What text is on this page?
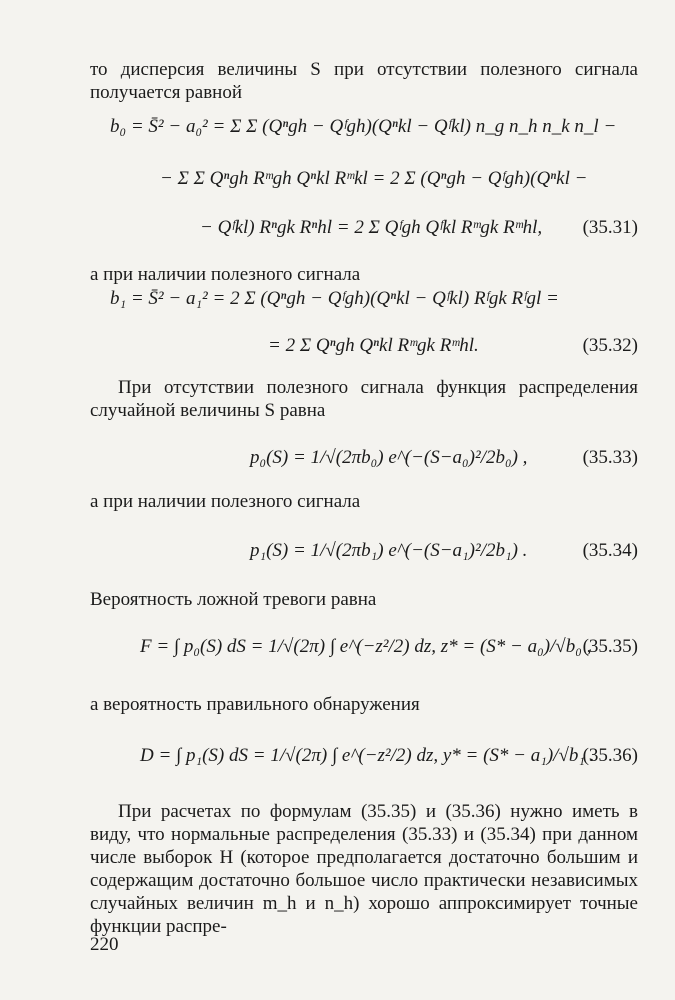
то дисперсия величины S при отсутствии полезного сигнала получается равной

b₀ = S̄² − a₀² = Σ Σ (Qⁿgh − Qᶠgh)(Qⁿkl − Qᶠkl) n_g n_h n_k n_l −
− Σ Σ Qⁿgh Rᵐgh Qⁿkl Rᵐkl = 2 Σ (Qⁿgh − Qᶠgh)(Qⁿkl −
− Qᶠkl) Rⁿgk Rⁿhl = 2 Σ Qᶠgh Qᶠkl Rᵐgk Rᵐhl, (35.31)

а при наличии полезного сигнала

b₁ = S̄² − a₁² = 2 Σ (Qⁿgh − Qᶠgh)(Qⁿkl − Qᶠkl) Rᶠgk Rᶠgl =
= 2 Σ Qⁿgh Qⁿkl Rᵐgk Rᵐhl.	(35.32)

При отсутствии полезного сигнала функция распределения случайной величины S равна

p₀(S) = 1/√(2πb₀) e^(−(S−a₀)²/2b₀) ,	(35.33)

а при наличии полезного сигнала

p₁(S) = 1/√(2πb₁) e^(−(S−a₁)²/2b₁) .	(35.34)

Вероятность ложной тревоги равна

F = ∫ p₀(S) dS = 1/√(2π) ∫ e^(−z²/2) dz, z* = (S* − a₀)/√b₀ ,
(35.35)

а вероятность правильного обнаружения

D = ∫ p₁(S) dS = 1/√(2π) ∫ e^(−z²/2) dz, y* = (S* − a₁)/√b₁ .
(35.36)

При расчетах по формулам (35.35) и (35.36) нужно иметь в виду, что нормальные распределения (35.33) и (35.34) при данном числе выборок H (которое предполагается достаточно большим и содержащим достаточно большое число практически независимых случайных величин m_h и n_h) хорошо аппроксимирует точные функции распре-

220
